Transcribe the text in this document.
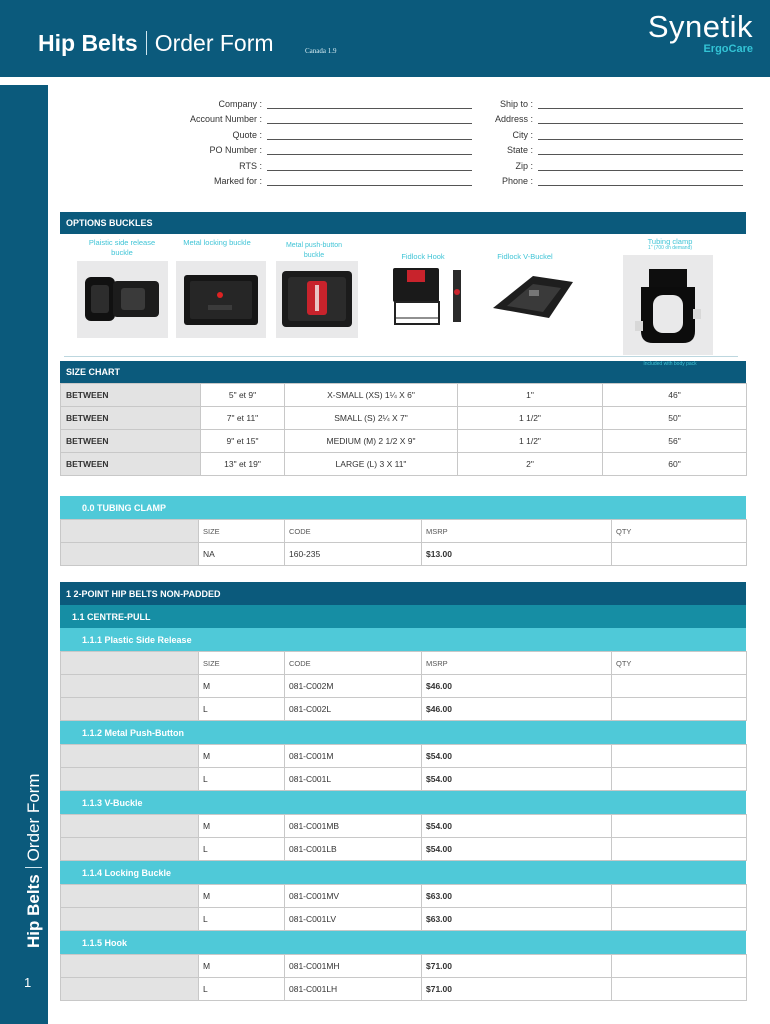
Hip Belts Order Form	Canada 1.9
Synetik
ErgoCare
Hip BeltsOrder Form
1
Company :
Account Number :
Quote :
PO Number :
RTS :
Marked for :
Ship to :
Address :
City :
State :
Zip :
Phone :
OPTIONS BUCKLES
Plaistic side release buckle
Metal locking buckle	Metal push-button buckle	Fidlock Hook	Fidlock V-Buckel
Tubing clamp
1" (700 on demand)
Included with body pack
SIZE CHART
BETWEEN	5" et 9"	X-SMALL (XS) 1¼ X 6"	1"	46"
BETWEEN	7" et 11"	SMALL (S) 2¼ X 7"	1 1/2"	50"
BETWEEN	9" et 15"	MEDIUM (M) 2 1/2 X 9"	1 1/2"	56"
BETWEEN	13" et 19"	LARGE (L) 3 X 11"	2"	60"
0.0 TUBING CLAMP
	SIZE	CODE	MSRP	QTY
	NA	160-235	$13.00	
1 2-POINT HIP BELTS NON-PADDED
1.1 CENTRE-PULL
1.1.1 Plastic Side Release
	SIZE	CODE	MSRP	QTY
	M	081-C002M	$46.00	
	L	081-C002L	$46.00	
1.1.2 Metal Push-Button
	M	081-C001M	$54.00	
	L	081-C001L	$54.00	
1.1.3 V-Buckle
	M	081-C001MB	$54.00	
	L	081-C001LB	$54.00	
1.1.4 Locking Buckle
	M	081-C001MV	$63.00	
	L	081-C001LV	$63.00	
1.1.5 Hook
	M	081-C001MH	$71.00	
	L	081-C001LH	$71.00	
